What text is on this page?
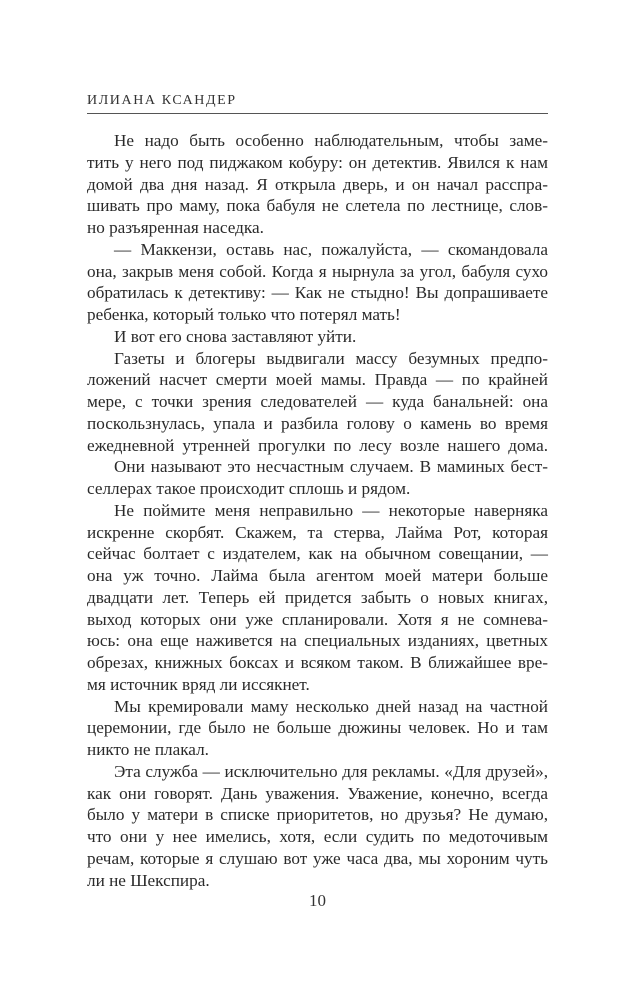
ИЛИАНА КСАНДЕР

Не надо быть особенно наблюдательным, чтобы заме-
тить у него под пиджаком кобуру: он детектив. Явился к нам
домой два дня назад. Я открыла дверь, и он начал расспра-
шивать про маму, пока бабуля не слетела по лестнице, слов-
но разъяренная наседка.

— Маккензи, оставь нас, пожалуйста, — скомандовала
она, закрыв меня собой. Когда я нырнула за угол, бабуля сухо
обратилась к детективу: — Как не стыдно! Вы допрашиваете
ребенка, который только что потерял мать!

И вот его снова заставляют уйти.

Газеты и блогеры выдвигали массу безумных предпо-
ложений насчет смерти моей мамы. Правда — по крайней
мере, с точки зрения следователей — куда банальней: она
поскользнулась, упала и разбила голову о камень во время
ежедневной утренней прогулки по лесу возле нашего дома.

Они называют это несчастным случаем. В маминых бест-
селлерах такое происходит сплошь и рядом.

Не поймите меня неправильно — некоторые наверняка
искренне скорбят. Скажем, та стерва, Лайма Рот, которая
сейчас болтает с издателем, как на обычном совещании, —
она уж точно. Лайма была агентом моей матери больше
двадцати лет. Теперь ей придется забыть о новых книгах,
выход которых они уже спланировали. Хотя я не сомнева-
юсь: она еще наживется на специальных изданиях, цветных
обрезах, книжных боксах и всяком таком. В ближайшее вре-
мя источник вряд ли иссякнет.

Мы кремировали маму несколько дней назад на частной
церемонии, где было не больше дюжины человек. Но и там
никто не плакал.

Эта служба — исключительно для рекламы. «Для друзей»,
как они говорят. Дань уважения. Уважение, конечно, всегда
было у матери в списке приоритетов, но друзья? Не думаю,
что они у нее имелись, хотя, если судить по медоточивым
речам, которые я слушаю вот уже часа два, мы хороним чуть
ли не Шекспира.

10
